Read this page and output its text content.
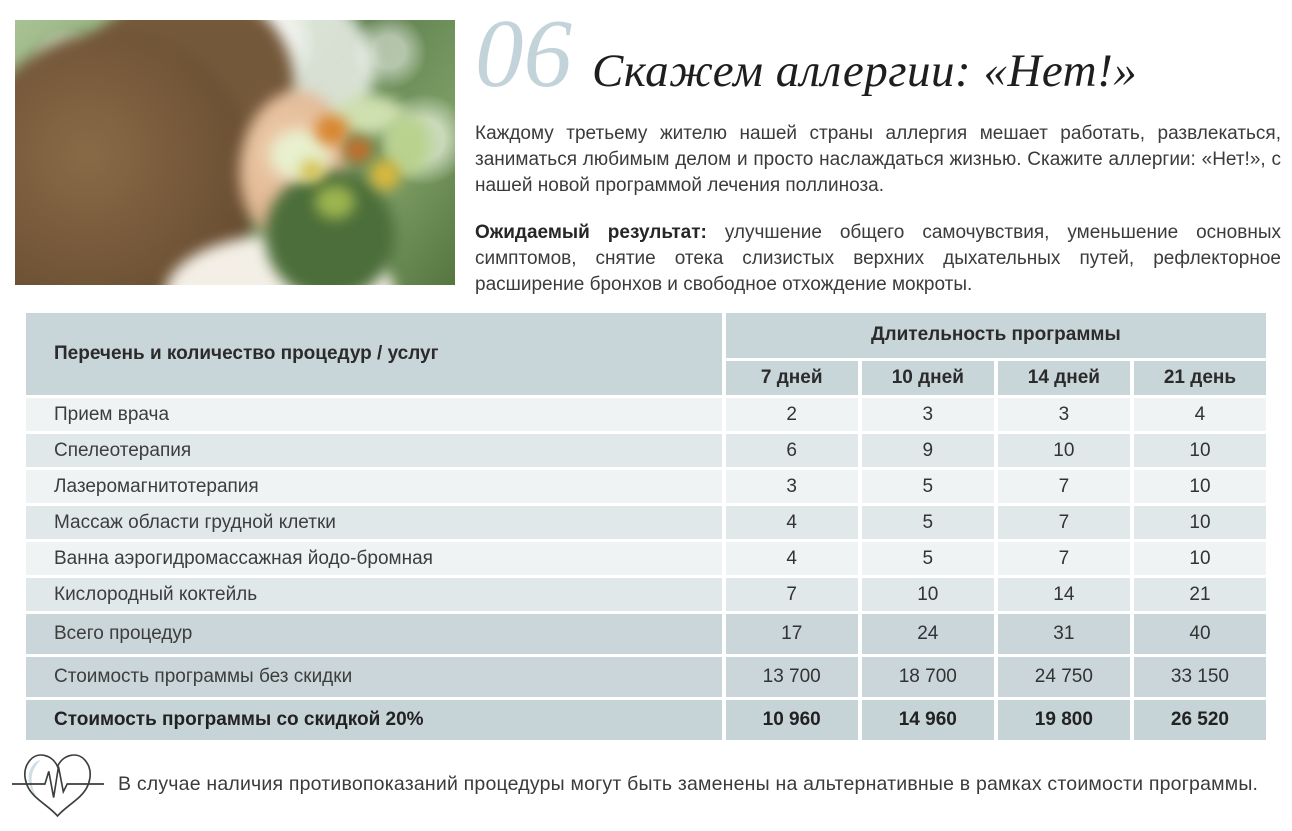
06 Скажем аллергии: «Нет!»

Каждому третьему жителю нашей страны аллергия мешает работать, развлекаться, заниматься любимым делом и просто наслаждаться жизнью. Скажите аллергии: «Нет!», с нашей новой программой лечения поллиноза.

Ожидаемый результат: улучшение общего самочувствия, уменьшение основных симптомов, снятие отека слизистых верхних дыхательных путей, рефлекторное расширение бронхов и свободное отхождение мокроты.

Перечень и количество процедур / услуг	Длительность программы			
	7 дней	10 дней	14 дней	21 день
Прием врача	2	3	3	4
Спелеотерапия	6	9	10	10
Лазеромагнитотерапия	3	5	7	10
Массаж области грудной клетки	4	5	7	10
Ванна аэрогидромассажная йодо-бромная	4	5	7	10
Кислородный коктейль	7	10	14	21
Всего процедур	17	24	31	40
Стоимость программы без скидки	13 700	18 700	24 750	33 150
Стоимость программы со скидкой 20%	10 960	14 960	19 800	26 520

В случае наличия противопоказаний процедуры могут быть заменены на альтернативные в рамках стоимости программы.
